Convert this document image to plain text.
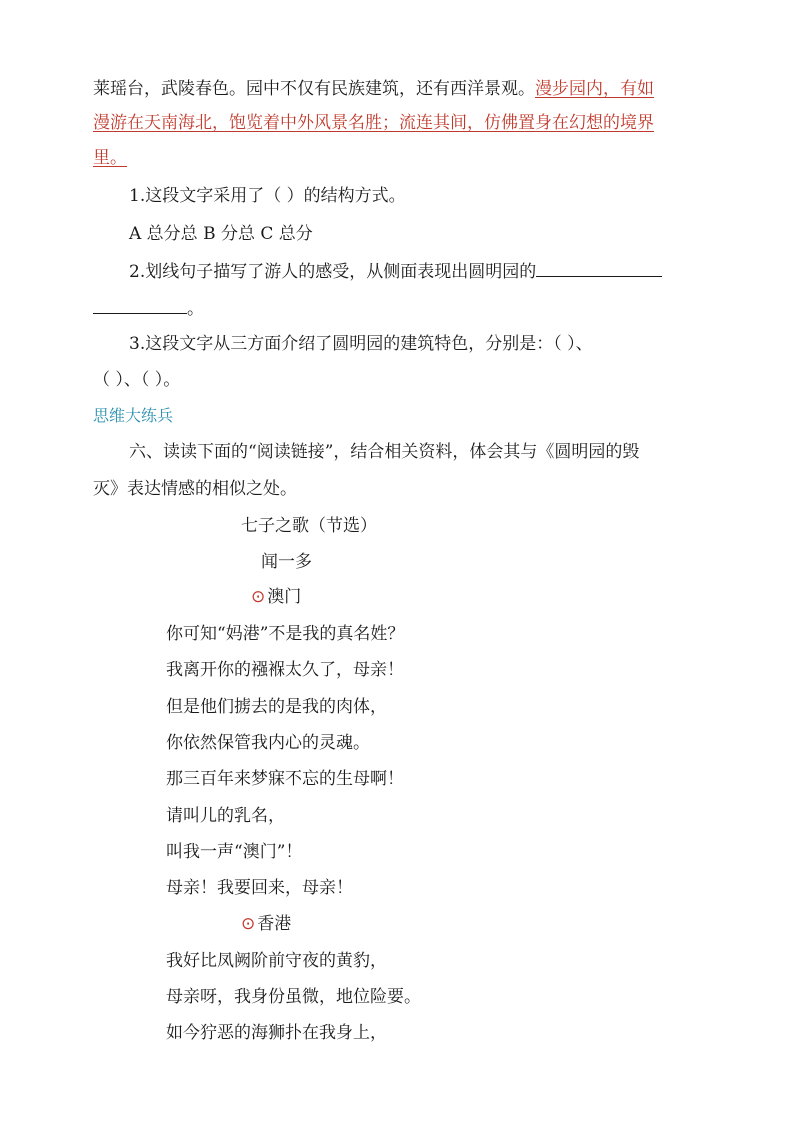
莱瑶台，武陵春色。园中不仅有民族建筑，还有西洋景观。漫步园内，有如
漫游在天南海北，饱览着中外风景名胜；流连其间，仿佛置身在幻想的境界
里。
1.这段文字采用了（ ）的结构方式。
A 总分总 B 分总 C 总分
2.划线句子描写了游人的感受，从侧面表现出圆明园的
。
3.这段文字从三方面介绍了圆明园的建筑特色，分别是：（ ）、
（ ）、（ ）。
思维大练兵
六、读读下面的“阅读链接”，结合相关资料，体会其与《圆明园的毁
灭》表达情感的相似之处。
七子之歌（节选）
闻一多
⊙ 澳门
你可知“妈港”不是我的真名姓？
我离开你的襁褓太久了，母亲！
但是他们掳去的是我的肉体，
你依然保管我内心的灵魂。
那三百年来梦寐不忘的生母啊！
请叫儿的乳名，
叫我一声“澳门”！
母亲！我要回来，母亲！
⊙ 香港
我好比凤阙阶前守夜的黄豹，
母亲呀，我身份虽微，地位险要。
如今狞恶的海狮扑在我身上，
